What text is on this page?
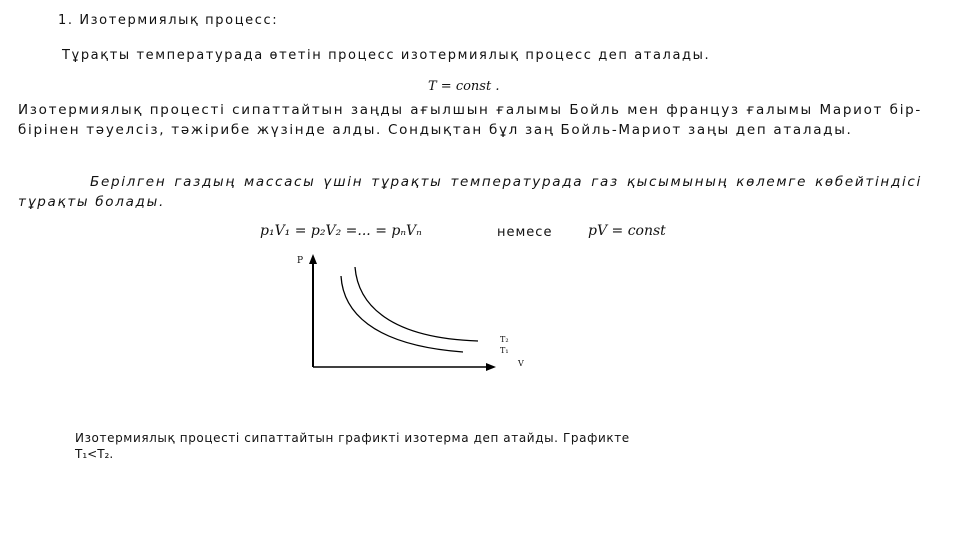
1. Изотермиялық процесс:
Тұрақты температурада өтетін процесс изотермиялық процесс деп аталады.
T = const .
Изотермиялық процесті сипаттайтын заңды ағылшын ғалымы Бойль мен француз ғалымы Мариот бір-бірінен тәуелсіз, тәжірибе жүзінде алды. Сондықтан бұл заң Бойль-Мариот заңы деп аталады.
Берілген газдың массасы үшін тұрақты температурада газ қысымының көлемге көбейтіндісі тұрақты болады.
p₁V₁ = p₂V₂ =... = pₙVₙ	немесе	pV = const
P
V
T₂
T₁
Изотермиялық процесті сипаттайтын графикті изотерма деп атайды. Графикте
T₁<T₂.
